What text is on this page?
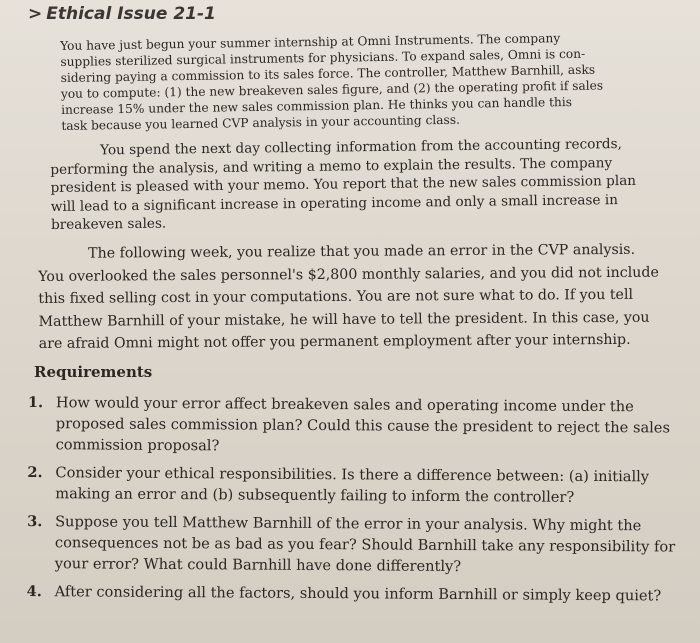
> Ethical Issue 21-1
You have just begun your summer internship at Omni Instruments. The company
supplies sterilized surgical instruments for physicians. To expand sales, Omni is con-
sidering paying a commission to its sales force. The controller, Matthew Barnhill, asks
you to compute: (1) the new breakeven sales figure, and (2) the operating profit if sales
increase 15% under the new sales commission plan. He thinks you can handle this
task because you learned CVP analysis in your accounting class.
You spend the next day collecting information from the accounting records,
performing the analysis, and writing a memo to explain the results. The company
president is pleased with your memo. You report that the new sales commission plan
will lead to a significant increase in operating income and only a small increase in
breakeven sales.
The following week, you realize that you made an error in the CVP analysis.
You overlooked the sales personnel's $2,800 monthly salaries, and you did not include
this fixed selling cost in your computations. You are not sure what to do. If you tell
Matthew Barnhill of your mistake, he will have to tell the president. In this case, you
are afraid Omni might not offer you permanent employment after your internship.
Requirements
1. How would your error affect breakeven sales and operating income under the
proposed sales commission plan? Could this cause the president to reject the sales
commission proposal?
2. Consider your ethical responsibilities. Is there a difference between: (a) initially
making an error and (b) subsequently failing to inform the controller?
3. Suppose you tell Matthew Barnhill of the error in your analysis. Why might the
consequences not be as bad as you fear? Should Barnhill take any responsibility for
your error? What could Barnhill have done differently?
4. After considering all the factors, should you inform Barnhill or simply keep quiet?
